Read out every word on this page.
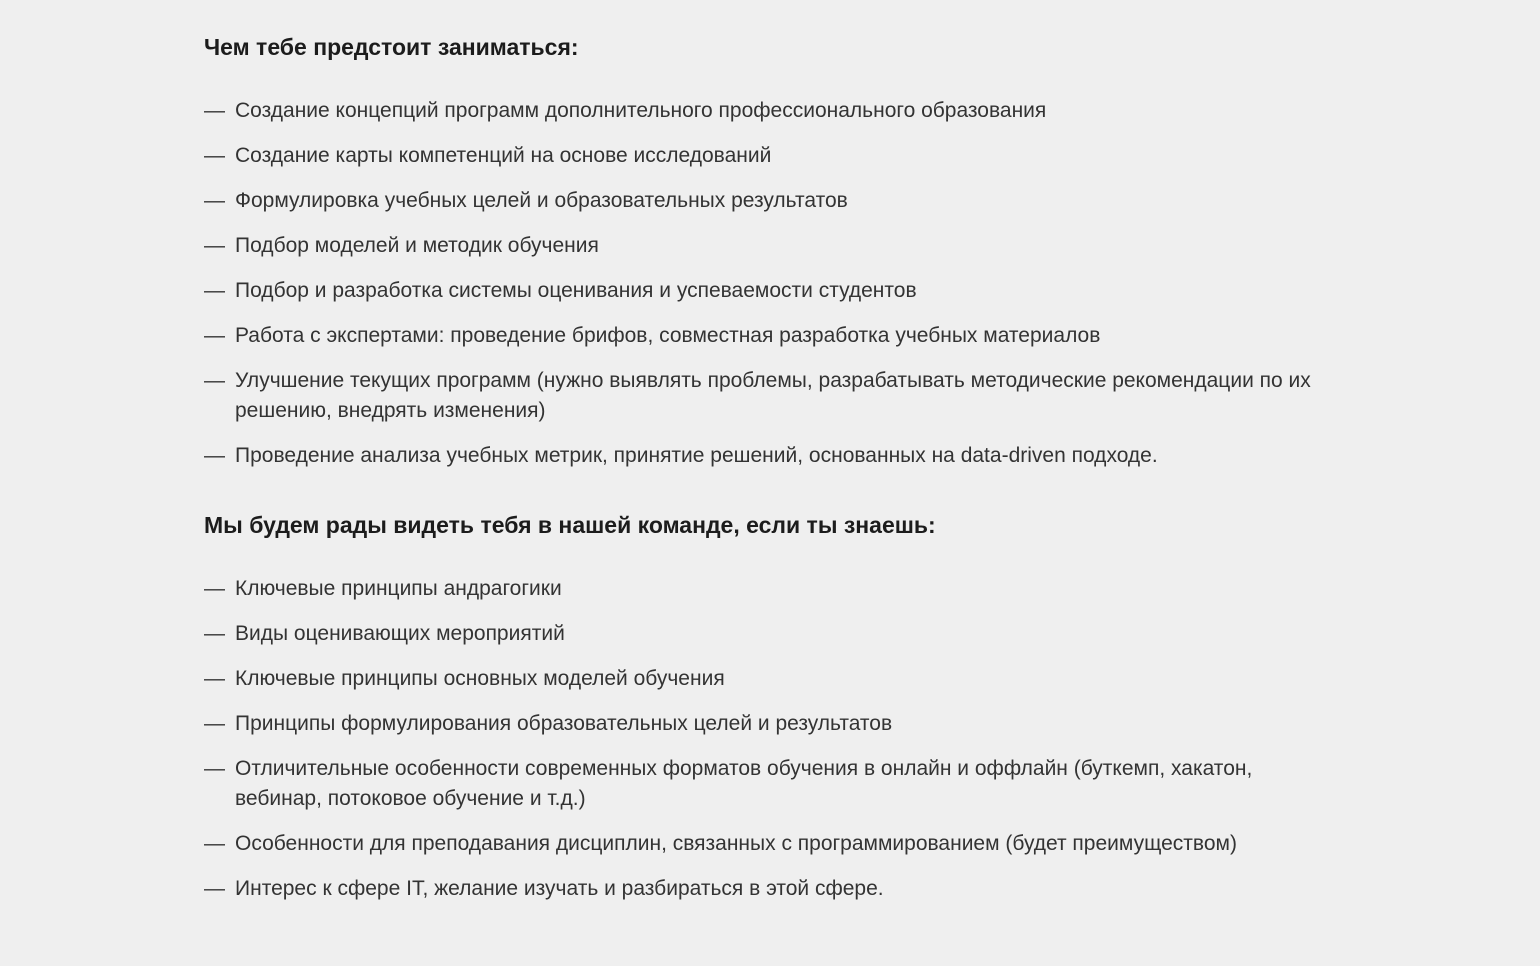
Чем тебе предстоит заниматься:
— Создание концепций программ дополнительного профессионального образования
— Создание карты компетенций на основе исследований
— Формулировка учебных целей и образовательных результатов
— Подбор моделей и методик обучения
— Подбор и разработка системы оценивания и успеваемости студентов
— Работа с экспертами: проведение брифов, совместная разработка учебных материалов
— Улучшение текущих программ (нужно выявлять проблемы, разрабатывать методические рекомендации по их решению, внедрять изменения)
— Проведение анализа учебных метрик, принятие решений, основанных на data-driven подходе.
Мы будем рады видеть тебя в нашей команде, если ты знаешь:
— Ключевые принципы андрагогики
— Виды оценивающих мероприятий
— Ключевые принципы основных моделей обучения
— Принципы формулирования образовательных целей и результатов
— Отличительные особенности современных форматов обучения в онлайн и оффлайн (буткемп, хакатон, вебинар, потоковое обучение и т.д.)
— Особенности для преподавания дисциплин, связанных с программированием (будет преимуществом)
— Интерес к сфере IT, желание изучать и разбираться в этой сфере.
